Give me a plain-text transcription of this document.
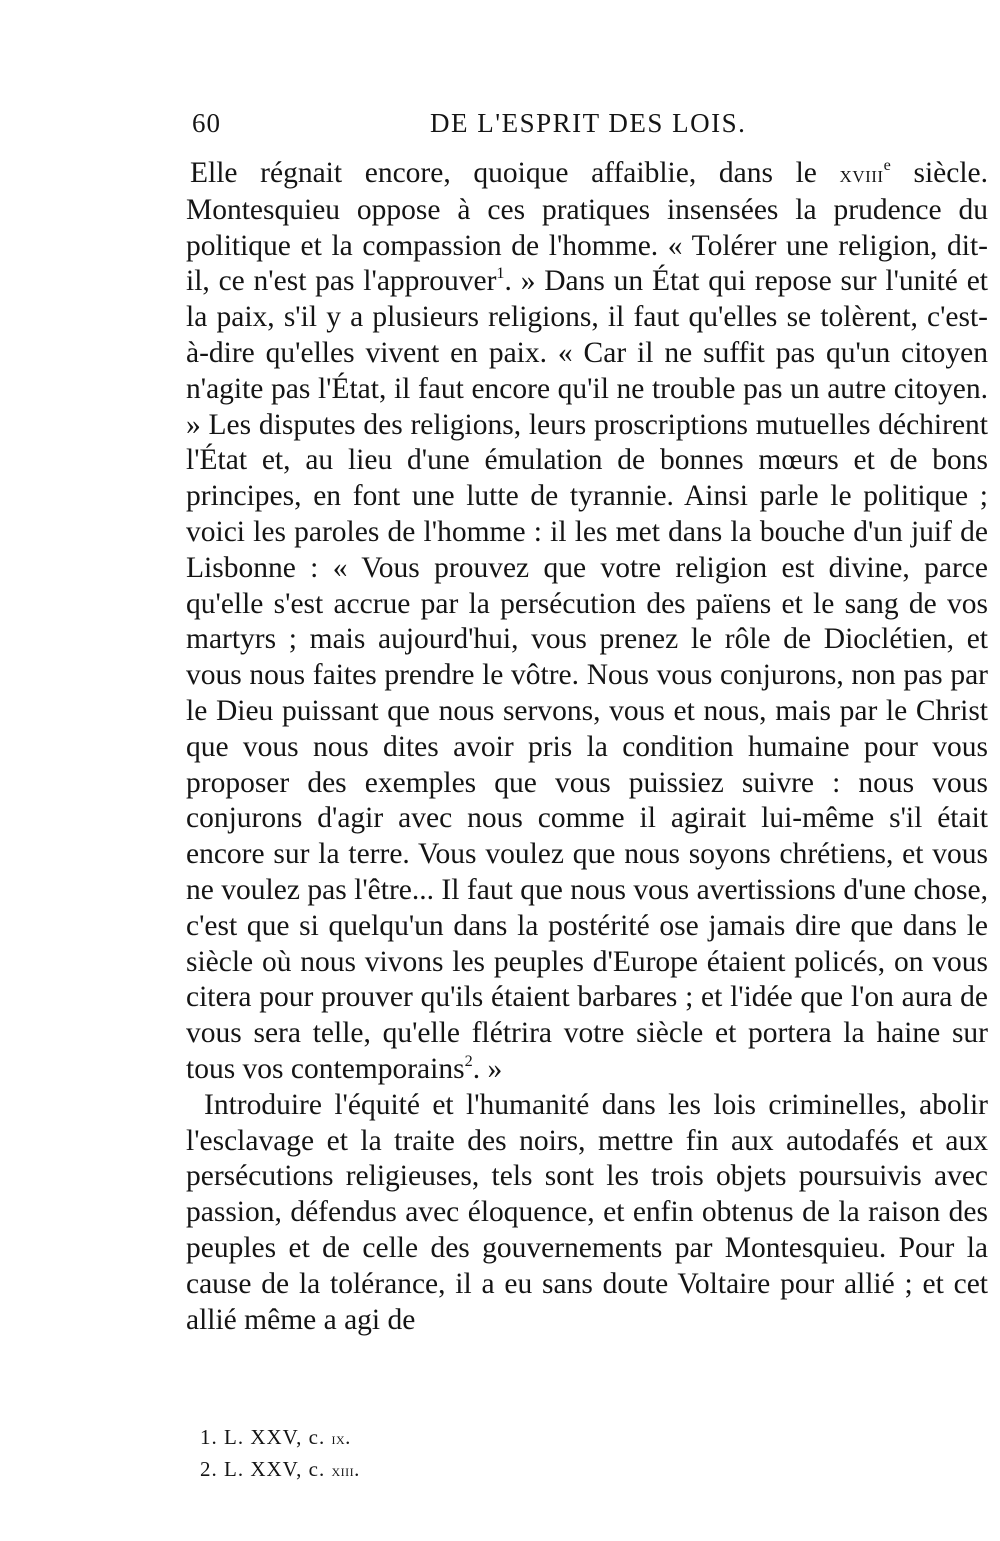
60	DE L'ESPRIT DES LOIS.

Elle régnait encore, quoique affaiblie, dans le xviii$^e$ siècle. Montesquieu oppose à ces pratiques insensées la prudence du politique et la compassion de l'homme. « Tolérer une religion, dit-il, ce n'est pas l'approuver$^1$. » Dans un État qui repose sur l'unité et la paix, s'il y a plusieurs religions, il faut qu'elles se tolèrent, c'est-à-dire qu'elles vivent en paix. « Car il ne suffit pas qu'un citoyen n'agite pas l'État, il faut encore qu'il ne trouble pas un autre citoyen. » Les disputes des religions, leurs proscriptions mutuelles déchirent l'État et, au lieu d'une émulation de bonnes mœurs et de bons principes, en font une lutte de tyrannie. Ainsi parle le politique ; voici les paroles de l'homme : il les met dans la bouche d'un juif de Lisbonne : « Vous prouvez que votre religion est divine, parce qu'elle s'est accrue par la persécution des païens et le sang de vos martyrs ; mais aujourd'hui, vous prenez le rôle de Dioclétien, et vous nous faites prendre le vôtre. Nous vous conjurons, non pas par le Dieu puissant que nous servons, vous et nous, mais par le Christ que vous nous dites avoir pris la condition humaine pour vous proposer des exemples que vous puissiez suivre : nous vous conjurons d'agir avec nous comme il agirait lui-même s'il était encore sur la terre. Vous voulez que nous soyons chrétiens, et vous ne voulez pas l'être... Il faut que nous vous avertissions d'une chose, c'est que si quelqu'un dans la postérité ose jamais dire que dans le siècle où nous vivons les peuples d'Europe étaient policés, on vous citera pour prouver qu'ils étaient barbares ; et l'idée que l'on aura de vous sera telle, qu'elle flétrira votre siècle et portera la haine sur tous vos contemporains$^2$. »

Introduire l'équité et l'humanité dans les lois criminelles, abolir l'esclavage et la traite des noirs, mettre fin aux autodafés et aux persécutions religieuses, tels sont les trois objets poursuivis avec passion, défendus avec éloquence, et enfin obtenus de la raison des peuples et de celle des gouvernements par Montesquieu. Pour la cause de la tolérance, il a eu sans doute Voltaire pour allié ; et cet allié même a agi de

1. L. XXV, c. ix.
2. L. XXV, c. xiii.
